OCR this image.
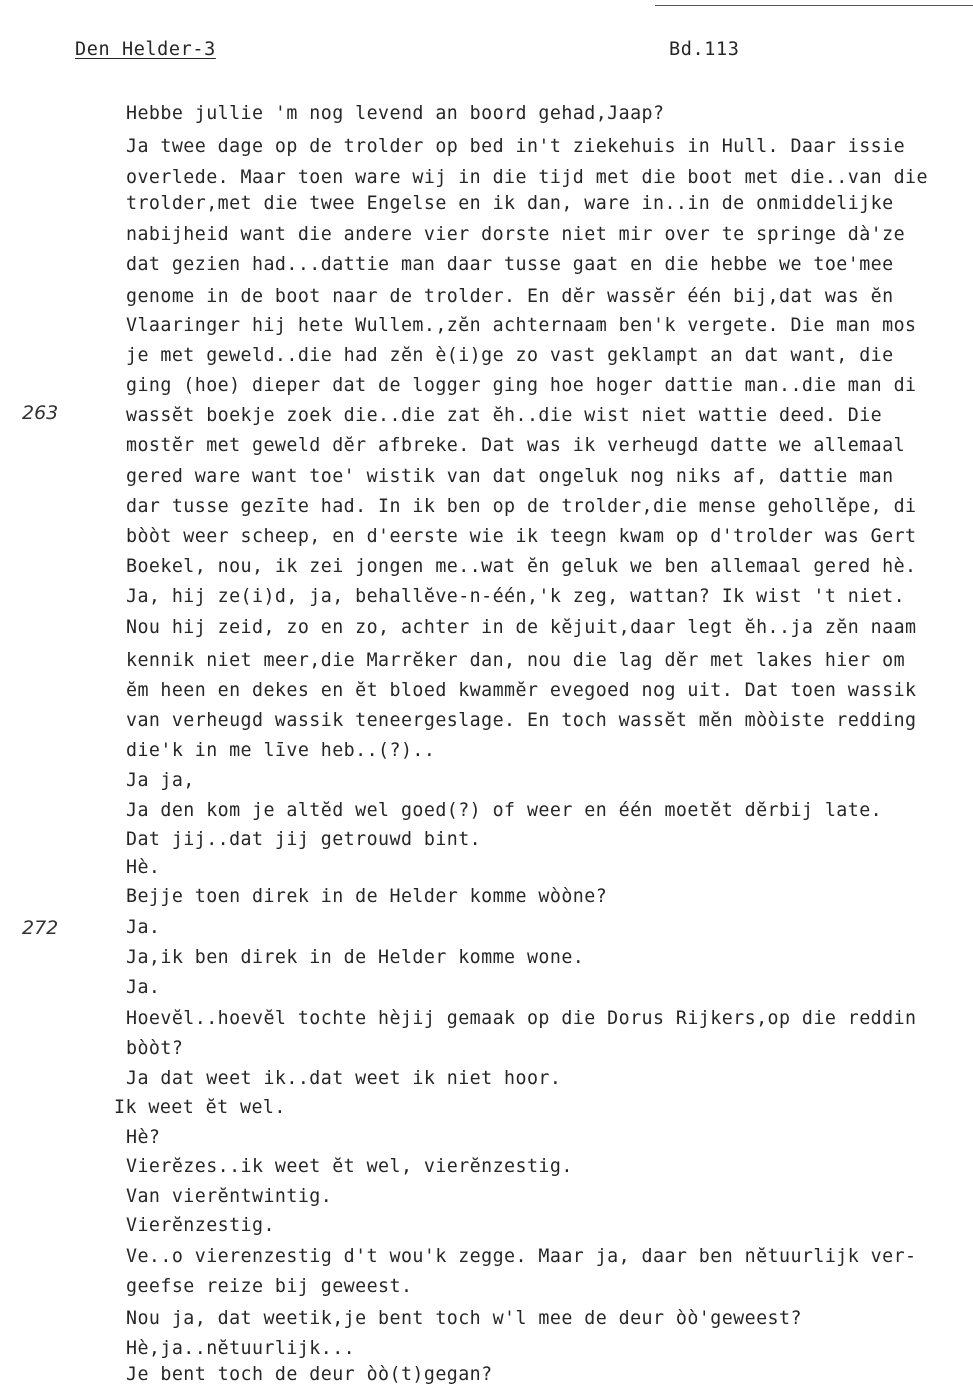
Den Helder-3	Bd.113
263
272
Hebbe jullie 'm nog levend an boord gehad,Jaap?
Ja twee dage op de trolder op bed in't ziekehuis in Hull. Daar issie
overlede. Maar toen ware wij in die tijd met die boot met die..van die
trolder,met die twee Engelse en ik dan, ware in..in de onmiddelijke
nabijheid want die andere vier dorste niet mir over te springe dà'ze
dat gezien had...dattie man daar tusse gaat en die hebbe we toe'mee
genome in de boot naar de trolder. En dĕr wassĕr één bij,dat was ĕn
Vlaaringer hij hete Wullem.,zĕn achternaam ben'k vergete. Die man mos
je met geweld..die had zĕn è(i)ge zo vast geklampt an dat want, die
ging (hoe) dieper dat de logger ging hoe hoger dattie man..die man di
wassĕt boekje zoek die..die zat ĕh..die wist niet wattie deed. Die
mostĕr met geweld dĕr afbreke. Dat was ik verheugd datte we allemaal
gered ware want toe' wistik van dat ongeluk nog niks af, dattie man
dar tusse gezīte had. In ik ben op de trolder,die mense gehollĕpe, di
bòòt weer scheep, en d'eerste wie ik teegn kwam op d'trolder was Gert
Boekel, nou, ik zei jongen me..wat ĕn geluk we ben allemaal gered hè.
Ja, hij ze(i)d, ja, behallĕve-n-één,'k zeg, wattan? Ik wist 't niet.
Nou hij zeid, zo en zo, achter in de kĕjuit,daar legt ĕh..ja zĕn naam
kennik niet meer,die Marrĕker dan, nou die lag dĕr met lakes hier om
ĕm heen en dekes en ĕt bloed kwammĕr evegoed nog uit. Dat toen wassik
van verheugd wassik teneergeslage. En toch wassĕt mĕn mòòiste redding
die'k in me līve heb..(?)..
Ja ja,
Ja den kom je altĕd wel goed(?) of weer en één moetĕt dĕrbij late.
Dat jij..dat jij getrouwd bint.
Hè.
Bejje toen direk in de Helder komme wòòne?
Ja.
Ja,ik ben direk in de Helder komme wone.
Ja.
Hoevĕl..hoevĕl tochte hèjij gemaak op die Dorus Rijkers,op die reddin
bòòt?
Ja dat weet ik..dat weet ik niet hoor.
Ik weet ĕt wel.
Hè?
Vierĕzes..ik weet ĕt wel, vierĕnzestig.
Van vierĕntwintig.
Vierĕnzestig.
Ve..o vierenzestig d't wou'k zegge. Maar ja, daar ben nĕtuurlijk ver-
geefse reize bij geweest.
Nou ja, dat weetik,je bent toch w'l mee de deur òò'geweest?
Hè,ja..nĕtuurlijk...
Je bent toch de deur òò(t)gegan?
